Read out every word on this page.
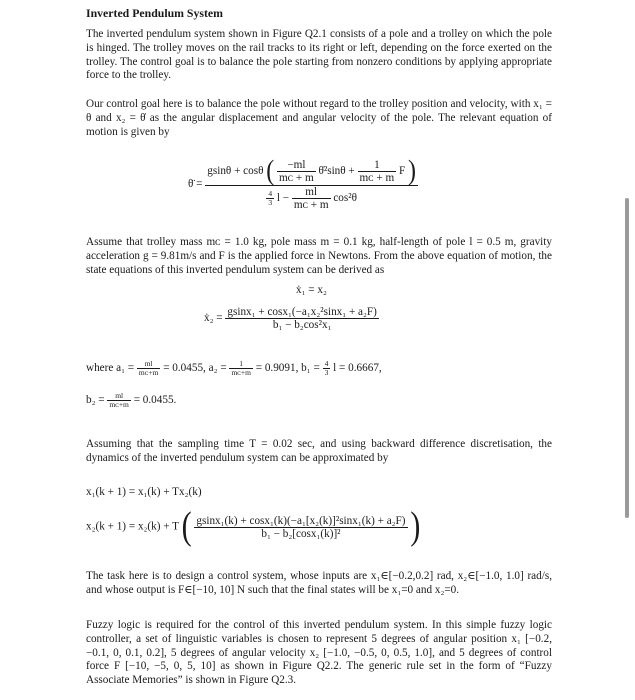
Inverted Pendulum System
The inverted pendulum system shown in Figure Q2.1 consists of a pole and a trolley on which the pole is hinged. The trolley moves on the rail tracks to its right or left, depending on the force exerted on the trolley. The control goal is to balance the pole starting from nonzero conditions by applying appropriate force to the trolley.
Our control goal here is to balance the pole without regard to the trolley position and velocity, with x₁ = θ and x₂ = θ̇ as the angular displacement and angular velocity of the pole. The relevant equation of motion is given by
θ̈ =
gsinθ + cosθ ( $\frac{-ml}{\text{mᴄ + m}}$ θ̇²sinθ + $\frac{1}{\text{mᴄ + m}}$ F )
$\frac{4}{3}$ $l - \frac{ml}{\text{mᴄ + m}} \cos^2\theta$
Assume that trolley mass mᴄ = 1.0 kg, pole mass m = 0.1 kg, half-length of pole l = 0.5 m, gravity acceleration g = 9.81m/s and F is the applied force in Newtons. From the above equation of motion, the state equations of this inverted pendulum system can be derived as
ẋ₁ = x₂
ẋ₂ = $\frac{\text{gsinx₁ + cosx₁(−a₁x₂²sinx₁ + a₂F)}}{\text{b₁ − b₂cos²x₁}}$
where $a_1 = \frac{ml}{\text{mᴄ+m}} = 0.0455$, $a_2 = \frac{1}{\text{mᴄ+m}} = 0.9091$, $b_1 = \frac{4}{3}$ l = 0.6667,
$b_2 = \frac{ml}{\text{mᴄ+m}} = 0.0455$.
Assuming that the sampling time T = 0.02 sec, and using backward difference discretisation, the dynamics of the inverted pendulum system can be approximated by
x₁(k + 1) = x₁(k) + Tx₂(k)
x₂(k + 1) = x₂(k) + T ( $\frac{\text{gsinx₁(k) + cosx₁(k)(−a₁[x₂(k)]²sinx₁(k) + a₂F)}}{\text{b₁ − b₂[cosx₁(k)]²}}$ )
The task here is to design a control system, whose inputs are x₁∈[−0.2,0.2] rad, x₂∈[−1.0, 1.0] rad/s, and whose output is F∈[−10, 10] N such that the final states will be x₁=0 and x₂=0.
Fuzzy logic is required for the control of this inverted pendulum system. In this simple fuzzy logic controller, a set of linguistic variables is chosen to represent 5 degrees of angular position x₁ [−0.2, −0.1, 0, 0.1, 0.2], 5 degrees of angular velocity x₂ [−1.0, −0.5, 0, 0.5, 1.0], and 5 degrees of control force F [−10, −5, 0, 5, 10] as shown in Figure Q2.2. The generic rule set in the form of “Fuzzy Associate Memories” is shown in Figure Q2.3.
